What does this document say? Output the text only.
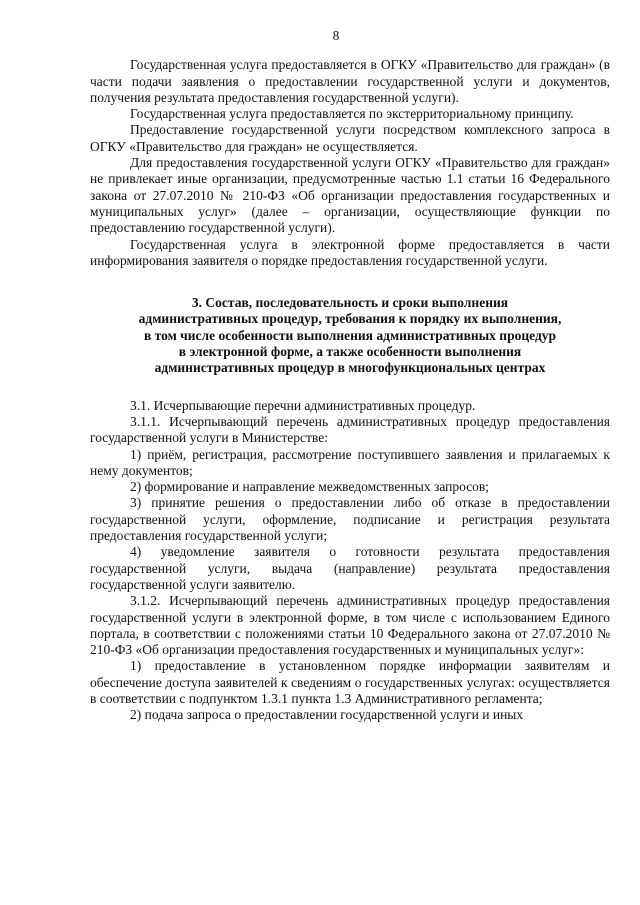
8

Государственная услуга предоставляется в ОГКУ «Правительство для граждан» (в части подачи заявления о предоставлении государственной услуги и документов, получения результата предоставления государственной услуги).

Государственная услуга предоставляется по экстерриториальному принципу.

Предоставление государственной услуги посредством комплексного запроса в ОГКУ «Правительство для граждан» не осуществляется.

Для предоставления государственной услуги ОГКУ «Правительство для граждан» не привлекает иные организации, предусмотренные частью 1.1 статьи 16 Федерального закона от 27.07.2010 № 210-ФЗ «Об организации предоставления государственных и муниципальных услуг» (далее – организации, осуществляющие функции по предоставлению государственной услуги).

Государственная услуга в электронной форме предоставляется в части информирования заявителя о порядке предоставления государственной услуги.

3. Состав, последовательность и сроки выполнения
административных процедур, требования к порядку их выполнения,
в том числе особенности выполнения административных процедур
в электронной форме, а также особенности выполнения
административных процедур в многофункциональных центрах

3.1. Исчерпывающие перечни административных процедур.

3.1.1. Исчерпывающий перечень административных процедур предоставления государственной услуги в Министерстве:

1) приём, регистрация, рассмотрение поступившего заявления и прилагаемых к нему документов;

2) формирование и направление межведомственных запросов;

3) принятие решения о предоставлении либо об отказе в предоставлении государственной услуги, оформление, подписание и регистрация результата предоставления государственной услуги;

4) уведомление заявителя о готовности результата предоставления государственной услуги, выдача (направление) результата предоставления государственной услуги заявителю.

3.1.2. Исчерпывающий перечень административных процедур предоставления государственной услуги в электронной форме, в том числе с использованием Единого портала, в соответствии с положениями статьи 10 Федерального закона от 27.07.2010 № 210-ФЗ «Об организации предоставления государственных и муниципальных услуг»:

1) предоставление в установленном порядке информации заявителям и обеспечение доступа заявителей к сведениям о государственных услугах: осуществляется в соответствии с подпунктом 1.3.1 пункта 1.3 Административного регламента;

2) подача запроса о предоставлении государственной услуги и иных
